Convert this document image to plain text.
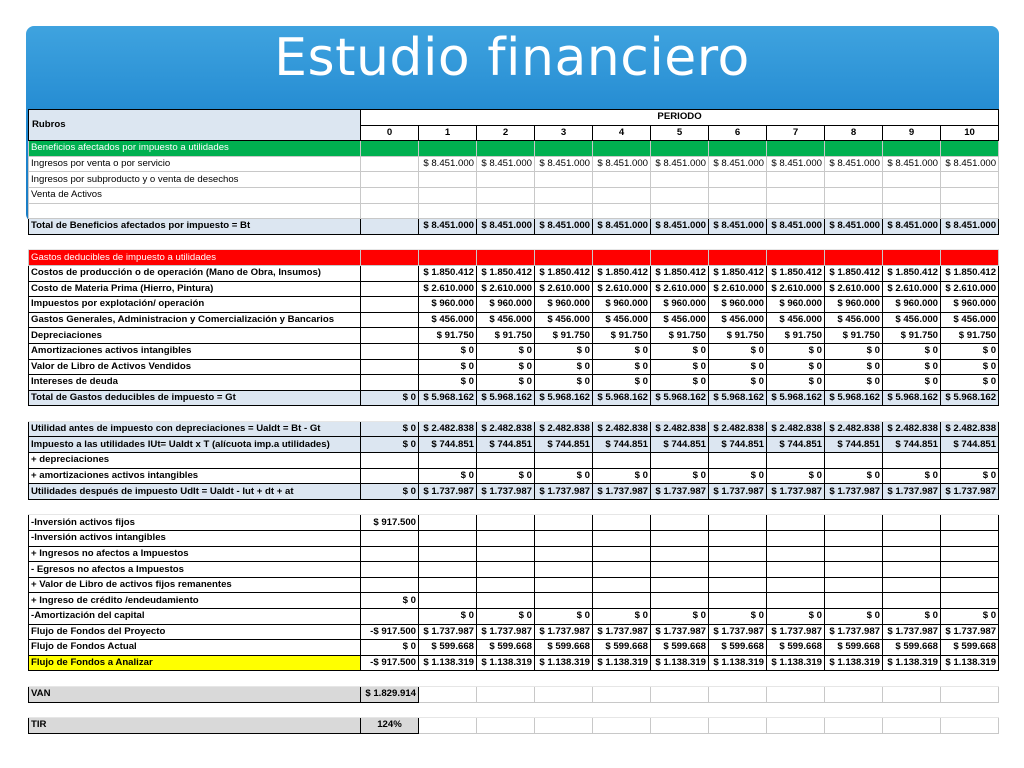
Estudio financiero
Rubros	PERIODO										
	0	1	2	3	4	5	6	7	8	9	10
Beneficios afectados por impuesto a utilidades											
Ingresos por venta o por servicio		$ 8.451.000	$ 8.451.000	$ 8.451.000	$ 8.451.000	$ 8.451.000	$ 8.451.000	$ 8.451.000	$ 8.451.000	$ 8.451.000	$ 8.451.000
Ingresos por subproducto y o venta de desechos											
Venta de Activos											

Total de Beneficios afectados por impuesto = Bt		$ 8.451.000	$ 8.451.000	$ 8.451.000	$ 8.451.000	$ 8.451.000	$ 8.451.000	$ 8.451.000	$ 8.451.000	$ 8.451.000	$ 8.451.000

Gastos deducibles de impuesto a utilidades											
Costos de producción o de operación (Mano de Obra, Insumos)		$ 1.850.412	$ 1.850.412	$ 1.850.412	$ 1.850.412	$ 1.850.412	$ 1.850.412	$ 1.850.412	$ 1.850.412	$ 1.850.412	$ 1.850.412
Costo de Materia Prima (Hierro, Pintura)		$ 2.610.000	$ 2.610.000	$ 2.610.000	$ 2.610.000	$ 2.610.000	$ 2.610.000	$ 2.610.000	$ 2.610.000	$ 2.610.000	$ 2.610.000
Impuestos por explotación/ operación		$ 960.000	$ 960.000	$ 960.000	$ 960.000	$ 960.000	$ 960.000	$ 960.000	$ 960.000	$ 960.000	$ 960.000
Gastos Generales, Administracion y Comercialización y Bancarios		$ 456.000	$ 456.000	$ 456.000	$ 456.000	$ 456.000	$ 456.000	$ 456.000	$ 456.000	$ 456.000	$ 456.000
Depreciaciones		$ 91.750	$ 91.750	$ 91.750	$ 91.750	$ 91.750	$ 91.750	$ 91.750	$ 91.750	$ 91.750	$ 91.750
Amortizaciones activos intangibles		$ 0	$ 0	$ 0	$ 0	$ 0	$ 0	$ 0	$ 0	$ 0	$ 0
Valor de Libro de Activos Vendidos		$ 0	$ 0	$ 0	$ 0	$ 0	$ 0	$ 0	$ 0	$ 0	$ 0
Intereses de deuda		$ 0	$ 0	$ 0	$ 0	$ 0	$ 0	$ 0	$ 0	$ 0	$ 0
Total de Gastos deducibles de impuesto = Gt	$ 0	$ 5.968.162	$ 5.968.162	$ 5.968.162	$ 5.968.162	$ 5.968.162	$ 5.968.162	$ 5.968.162	$ 5.968.162	$ 5.968.162	$ 5.968.162

Utilidad antes de impuesto con depreciaciones = UaIdt = Bt - Gt	$ 0	$ 2.482.838	$ 2.482.838	$ 2.482.838	$ 2.482.838	$ 2.482.838	$ 2.482.838	$ 2.482.838	$ 2.482.838	$ 2.482.838	$ 2.482.838
Impuesto a las utilidades IUt= UaIdt x T (alícuota imp.a utilidades)	$ 0	$ 744.851	$ 744.851	$ 744.851	$ 744.851	$ 744.851	$ 744.851	$ 744.851	$ 744.851	$ 744.851	$ 744.851
+ depreciaciones											
+ amortizaciones activos intangibles		$ 0	$ 0	$ 0	$ 0	$ 0	$ 0	$ 0	$ 0	$ 0	$ 0
Utilidades después de impuesto UdIt = UaIdt - Iut + dt + at	$ 0	$ 1.737.987	$ 1.737.987	$ 1.737.987	$ 1.737.987	$ 1.737.987	$ 1.737.987	$ 1.737.987	$ 1.737.987	$ 1.737.987	$ 1.737.987

-Inversión activos fijos	$ 917.500										
-Inversión activos intangibles											
+ Ingresos no afectos a Impuestos											
- Egresos no afectos a Impuestos											
+ Valor de Libro de activos fijos remanentes											
+ Ingreso de crédito /endeudamiento	$ 0										
-Amortización del capital		$ 0	$ 0	$ 0	$ 0	$ 0	$ 0	$ 0	$ 0	$ 0	$ 0
Flujo de Fondos del Proyecto	-$ 917.500	$ 1.737.987	$ 1.737.987	$ 1.737.987	$ 1.737.987	$ 1.737.987	$ 1.737.987	$ 1.737.987	$ 1.737.987	$ 1.737.987	$ 1.737.987
Flujo de Fondos Actual	$ 0	$ 599.668	$ 599.668	$ 599.668	$ 599.668	$ 599.668	$ 599.668	$ 599.668	$ 599.668	$ 599.668	$ 599.668
Flujo de Fondos a Analizar	-$ 917.500	$ 1.138.319	$ 1.138.319	$ 1.138.319	$ 1.138.319	$ 1.138.319	$ 1.138.319	$ 1.138.319	$ 1.138.319	$ 1.138.319	$ 1.138.319

VAN	$ 1.829.914										

TIR	124%										
